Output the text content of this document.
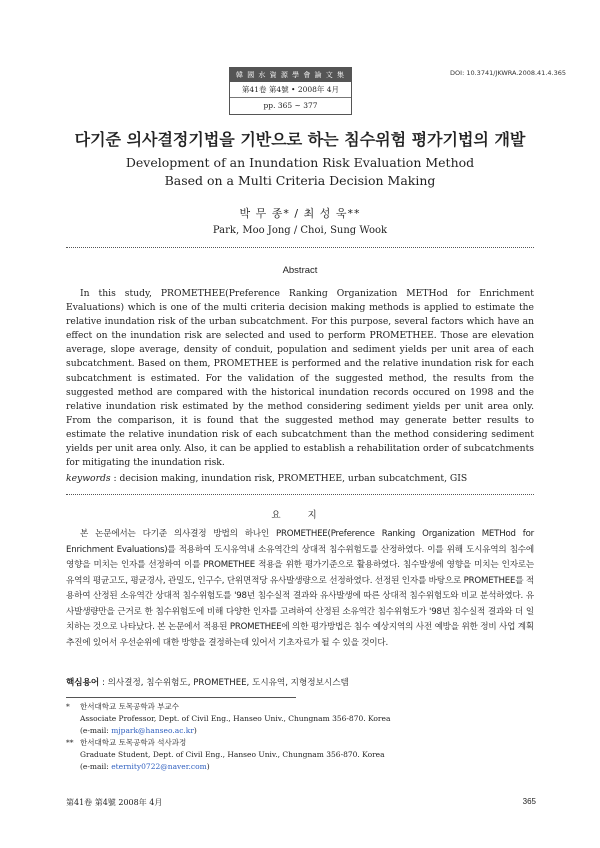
韓 國 水 資 源 學 會 論 文 集
第41卷 第4號 • 2008年 4月
pp. 365 ~ 377
DOI: 10.3741/JKWRA.2008.41.4.365
다기준 의사결정기법을 기반으로 하는 침수위험 평가기법의 개발
Development of an Inundation Risk Evaluation Method
Based on a Multi Criteria Decision Making
박 무 종* / 최 성 욱**
Park, Moo Jong / Choi, Sung Wook
Abstract
In this study, PROMETHEE(Preference Ranking Organization METHod for Enrichment Evaluations) which is one of the multi criteria decision making methods is applied to estimate the relative inundation risk of the urban subcatchment. For this purpose, several factors which have an effect on the inundation risk are selected and used to perform PROMETHEE. Those are elevation average, slope average, density of conduit, population and sediment yields per unit area of each subcatchment. Based on them, PROMETHEE is performed and the relative inundation risk for each subcatchment is estimated. For the validation of the suggested method, the results from the suggested method are compared with the historical inundation records occured on 1998 and the relative inundation risk estimated by the method considering sediment yields per unit area only. From the comparison, it is found that the suggested method may generate better results to estimate the relative inundation risk of each subcatchment than the method considering sediment yields per unit area only. Also, it can be applied to establish a rehabilitation order of subcatchments for mitigating the inundation risk.
keywords : decision making, inundation risk, PROMETHEE, urban subcatchment, GIS
요 지
본 논문에서는 다기준 의사결정 방법의 하나인 PROMETHEE(Preference Ranking Organization METHod for Enrichment Evaluations)를 적용하여 도시유역내 소유역간의 상대적 침수위험도를 산정하였다. 이를 위해 도시유역의 침수에 영향을 미치는 인자를 선정하여 이를 PROMETHEE 적용을 위한 평가기준으로 활용하였다. 침수발생에 영향을 미치는 인자로는 유역의 평균고도, 평균경사, 관밀도, 인구수, 단위면적당 유사발생량으로 선정하였다. 선정된 인자를 바탕으로 PROMETHEE를 적용하여 산정된 소유역간 상대적 침수위험도를 '98년 침수실적 결과와 유사발생에 따른 상대적 침수위험도와 비교 분석하였다. 유사발생량만을 근거로 한 침수위험도에 비해 다양한 인자를 고려하여 산정된 소유역간 침수위험도가 '98년 침수실적 결과와 더 일치하는 것으로 나타났다. 본 논문에서 적용된 PROMETHEE에 의한 평가방법은 침수 예상지역의 사전 예방을 위한 정비 사업 계획 추진에 있어서 우선순위에 대한 방향을 결정하는데 있어서 기초자료가 될 수 있을 것이다.
핵심용어 : 의사결정, 침수위험도, PROMETHEE, 도시유역, 지형정보시스템
* 한서대학교 토목공학과 부교수
Associate Professor, Dept. of Civil Eng., Hanseo Univ., Chungnam 356-870. Korea
(e-mail: mjpark@hanseo.ac.kr)
** 한서대학교 토목공학과 석사과정
Graduate Student, Dept. of Civil Eng., Hanseo Univ., Chungnam 356-870. Korea
(e-mail: eternity0722@naver.com)
第41卷 第4號 2008年 4月	365
